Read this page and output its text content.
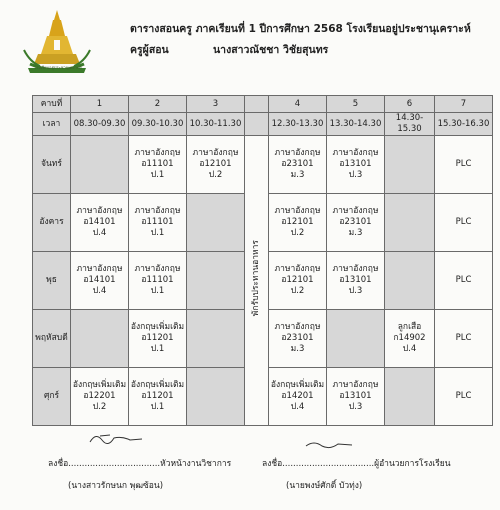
โรงเรียนอยู่ประชานุเคราะห์
ตารางสอนครู ภาคเรียนที่ 1 ปีการศึกษา 2568 โรงเรียนอยู่ประชานุเคราะห์
ครูผู้สอน	นางสาวณัชชา วิชัยสุนทร
คาบที่	1	2	3		4	5	6	7
เวลา	08.30-09.30	09.30-10.30	10.30-11.30		12.30-13.30	13.30-14.30	14.30-15.30	15.30-16.30
จันทร์		ภาษาอังกฤษ
อ11101
ป.1	ภาษาอังกฤษ
อ12101
ป.2	พักรับประทานอาหาร	ภาษาอังกฤษ
อ23101
ม.3	ภาษาอังกฤษ
อ13101
ป.3		PLC

อังคาร	ภาษาอังกฤษ
อ14101
ป.4	ภาษาอังกฤษ
อ11101
ป.1			ภาษาอังกฤษ
อ12101
ป.2	ภาษาอังกฤษ
อ23101
ม.3		PLC

พุธ	ภาษาอังกฤษ
อ14101
ป.4	ภาษาอังกฤษ
อ11101
ป.1			ภาษาอังกฤษ
อ12101
ป.2	ภาษาอังกฤษ
อ13101
ป.3		PLC

พฤหัสบดี		อังกฤษเพิ่มเติม
อ11201
ป.1			ภาษาอังกฤษ
อ23101
ม.3		ลูกเสือ
ก14902
ป.4	PLC

ศุกร์	อังกฤษเพิ่มเติม
อ12201
ป.2	อังกฤษเพิ่มเติม
อ11201
ป.1			อังกฤษเพิ่มเติม
อ14201
ป.4	ภาษาอังกฤษ
อ13101
ป.3		PLC
ลงชื่อ..................................หัวหน้างานวิชาการ
(นางสาวรักษนก พุฒซ้อน)
ลงชื่อ..................................ผู้อำนวยการโรงเรียน
(นายพงษ์ศักดิ์ บัวทุ่ง)
